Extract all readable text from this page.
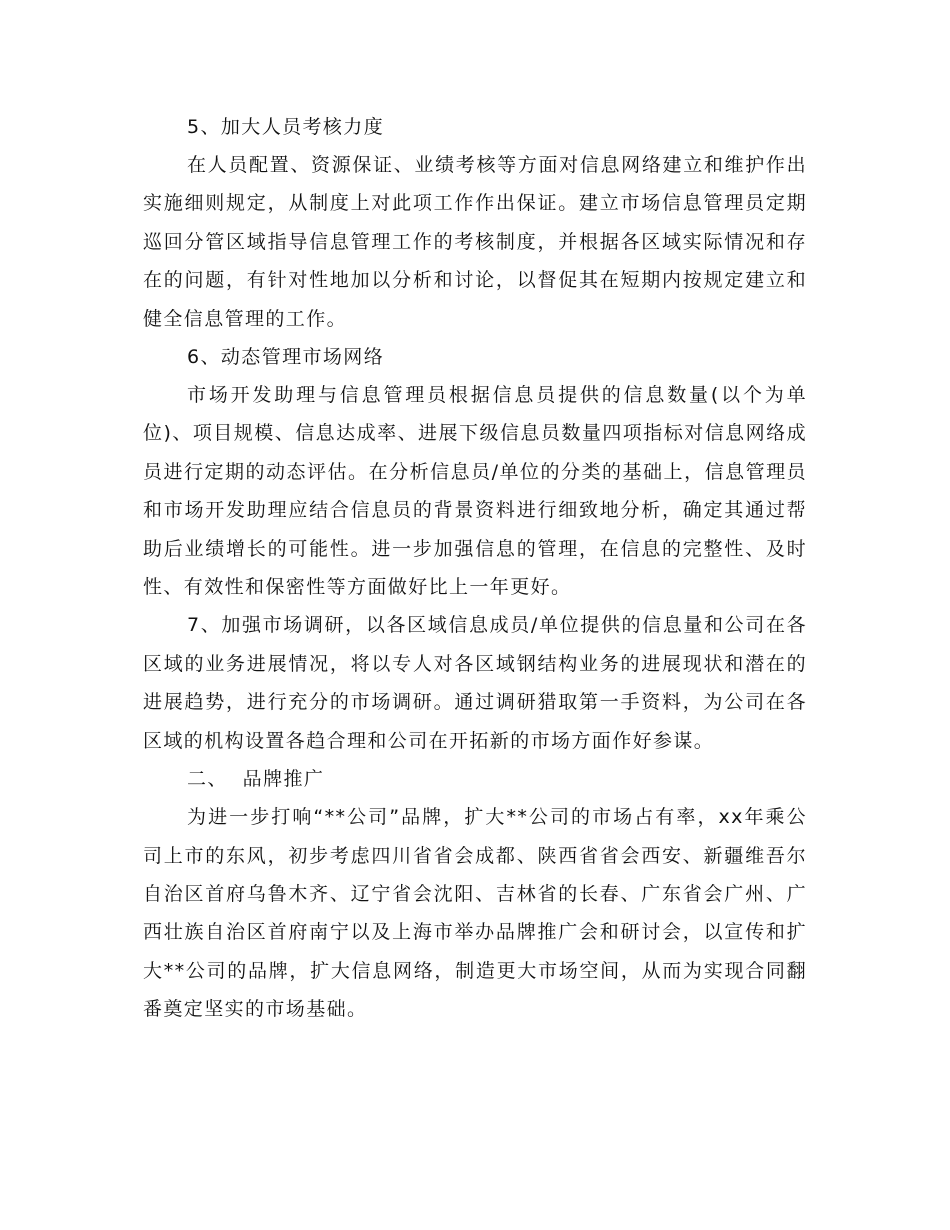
5、加大人员考核力度

在人员配置、资源保证、业绩考核等方面对信息网络建立和维护作出实施细则规定，从制度上对此项工作作出保证。建立市场信息管理员定期巡回分管区域指导信息管理工作的考核制度，并根据各区域实际情况和存在的问题，有针对性地加以分析和讨论，以督促其在短期内按规定建立和健全信息管理的工作。

6、动态管理市场网络

市场开发助理与信息管理员根据信息员提供的信息数量(以个为单位)、项目规模、信息达成率、进展下级信息员数量四项指标对信息网络成员进行定期的动态评估。在分析信息员/单位的分类的基础上，信息管理员和市场开发助理应结合信息员的背景资料进行细致地分析，确定其通过帮助后业绩增长的可能性。进一步加强信息的管理，在信息的完整性、及时性、有效性和保密性等方面做好比上一年更好。

7、加强市场调研，以各区域信息成员/单位提供的信息量和公司在各区域的业务进展情况，将以专人对各区域钢结构业务的进展现状和潜在的进展趋势，进行充分的市场调研。通过调研猎取第一手资料，为公司在各区域的机构设置各趋合理和公司在开拓新的市场方面作好参谋。

二、  品牌推广

为进一步打响“**公司”品牌，扩大**公司的市场占有率，xx年乘公司上市的东风，初步考虑四川省省会成都、陕西省省会西安、新疆维吾尔自治区首府乌鲁木齐、辽宁省会沈阳、吉林省的长春、广东省会广州、广西壮族自治区首府南宁以及上海市举办品牌推广会和研讨会，以宣传和扩大**公司的品牌，扩大信息网络，制造更大市场空间，从而为实现合同翻番奠定坚实的市场基础。
